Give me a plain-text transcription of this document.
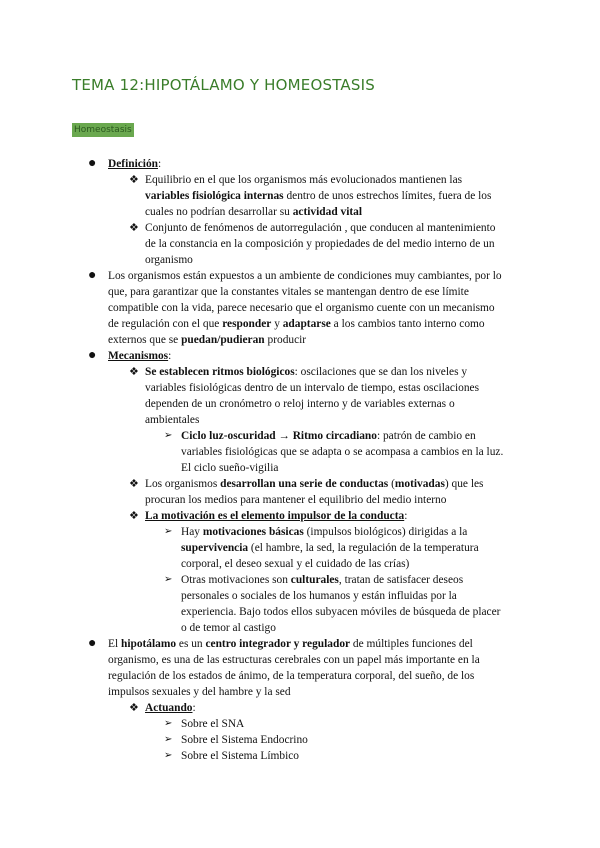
TEMA 12:HIPOTÁLAMO Y HOMEOSTASIS
Homeostasis
● Definición:
❖ Equilibrio en el que los organismos más evolucionados mantienen las
variables fisiológica internas dentro de unos estrechos límites, fuera de los
cuales no podrían desarrollar su actividad vital
❖ Conjunto de fenómenos de autorregulación , que conducen al mantenimiento
de la constancia en la composición y propiedades de del medio interno de un
organismo
● Los organismos están expuestos a un ambiente de condiciones muy cambiantes, por lo
que, para garantizar que la constantes vitales se mantengan dentro de ese límite
compatible con la vida, parece necesario que el organismo cuente con un mecanismo
de regulación con el que responder y adaptarse a los cambios tanto interno como
externos que se puedan/pudieran producir
● Mecanismos:
❖ Se establecen ritmos biológicos: oscilaciones que se dan los niveles y
variables fisiológicas dentro de un intervalo de tiempo, estas oscilaciones
dependen de un cronómetro o reloj interno y de variables externas o
ambientales
➢ Ciclo luz-oscuridad → Ritmo circadiano: patrón de cambio en
variables fisiológicas que se adapta o se acompasa a cambios en la luz.
El ciclo sueño-vigilia
❖ Los organismos desarrollan una serie de conductas (motivadas) que les
procuran los medios para mantener el equilibrio del medio interno
❖ La motivación es el elemento impulsor de la conducta:
➢ Hay motivaciones básicas (impulsos biológicos) dirigidas a la
supervivencia (el hambre, la sed, la regulación de la temperatura
corporal, el deseo sexual y el cuidado de las crías)
➢ Otras motivaciones son culturales, tratan de satisfacer deseos
personales o sociales de los humanos y están influidas por la
experiencia. Bajo todos ellos subyacen móviles de búsqueda de placer
o de temor al castigo
● El hipotálamo es un centro integrador y regulador de múltiples funciones del
organismo, es una de las estructuras cerebrales con un papel más importante en la
regulación de los estados de ánimo, de la temperatura corporal, del sueño, de los
impulsos sexuales y del hambre y la sed
❖ Actuando:
➢ Sobre el SNA
➢ Sobre el Sistema Endocrino
➢ Sobre el Sistema Límbico
